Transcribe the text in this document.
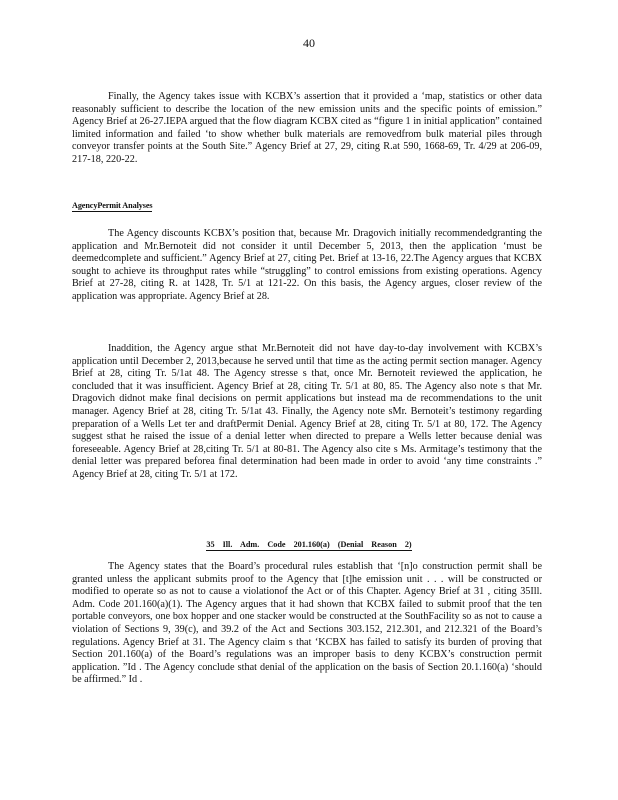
40

Finally, the Agency takes issue with KCBX’s assertion that it provided a ‘map, statistics or other data reasonably sufficient to describe the location of the new emission units and the specific points of emission.” Agency Brief at 26-27.IEPA argued that the flow diagram KCBX cited as “figure 1 in initial application” contained limited information and failed ‘to show whether bulk materials are removedfrom bulk material piles through conveyor transfer points at the South Site.” Agency Brief at 27, 29, citing R.at 590, 1668-69, Tr. 4/29 at 206-09, 217-18, 220-22.

AgencyPermit Analyses

The Agency discounts KCBX’s position that, because Mr. Dragovich initially recommendedgranting the application and Mr.Bernoteit did not consider it until December 5, 2013, then the application ‘must be deemedcomplete and sufficient.” Agency Brief at 27, citing Pet. Brief at 13-16, 22.The Agency argues that KCBX sought to achieve its throughput rates while “struggling” to control emissions from existing operations. Agency Brief at 27-28, citing R. at 1428, Tr. 5/1 at 121-22. On this basis, the Agency argues, closer review of the application was appropriate. Agency Brief at 28.

Inaddition, the Agency argue sthat Mr.Bernoteit did not have day-to-day involvement with KCBX’s application until December 2, 2013,because he served until that time as the acting permit section manager. Agency Brief at 28, citing Tr. 5/1at 48. The Agency stresse s that, once Mr. Bernoteit reviewed the application, he concluded that it was insufficient. Agency Brief at 28, citing Tr. 5/1 at 80, 85. The Agency also note s that Mr. Dragovich didnot make final decisions on permit applications but instead ma de recommendations to the unit manager. Agency Brief at 28, citing Tr. 5/1at 43. Finally, the Agency note sMr. Bernoteit’s testimony regarding preparation of a Wells Let ter and draftPermit Denial. Agency Brief at 28, citing Tr. 5/1 at 80, 172. The Agency suggest sthat he raised the issue of a denial letter when directed to prepare a Wells letter because denial was foreseeable. Agency Brief at 28,citing Tr. 5/1 at 80-81. The Agency also cite s Ms. Armitage’s testimony that the denial letter was prepared beforea final determination had been made in order to avoid ‘any time constraints .” Agency Brief at 28, citing Tr. 5/1 at 172.

35 Ill. Adm. Code 201.160(a) (Denial Reason 2)

The Agency states that the Board’s procedural rules establish that ‘[n]o construction permit shall be granted unless the applicant submits proof to the Agency that [t]he emission unit . . . will be constructed or modified to operate so as not to cause a violationof the Act or of this Chapter. Agency Brief at 31 , citing 35Ill. Adm. Code 201.160(a)(1). The Agency argues that it had shown that KCBX failed to submit proof that the ten portable conveyors, one box hopper and one stacker would be constructed at the SouthFacility so as not to cause a violation of Sections 9, 39(c), and 39.2 of the Act and Sections 303.152, 212.301, and 212.321 of the Board’s regulations. Agency Brief at 31. The Agency claim s that ‘KCBX has failed to satisfy its burden of proving that Section 201.160(a) of the Board’s regulations was an improper basis to deny KCBX’s construction permit application. ”Id . The Agency conclude sthat denial of the application on the basis of Section 20.1.160(a) ‘should be affirmed.” Id .
